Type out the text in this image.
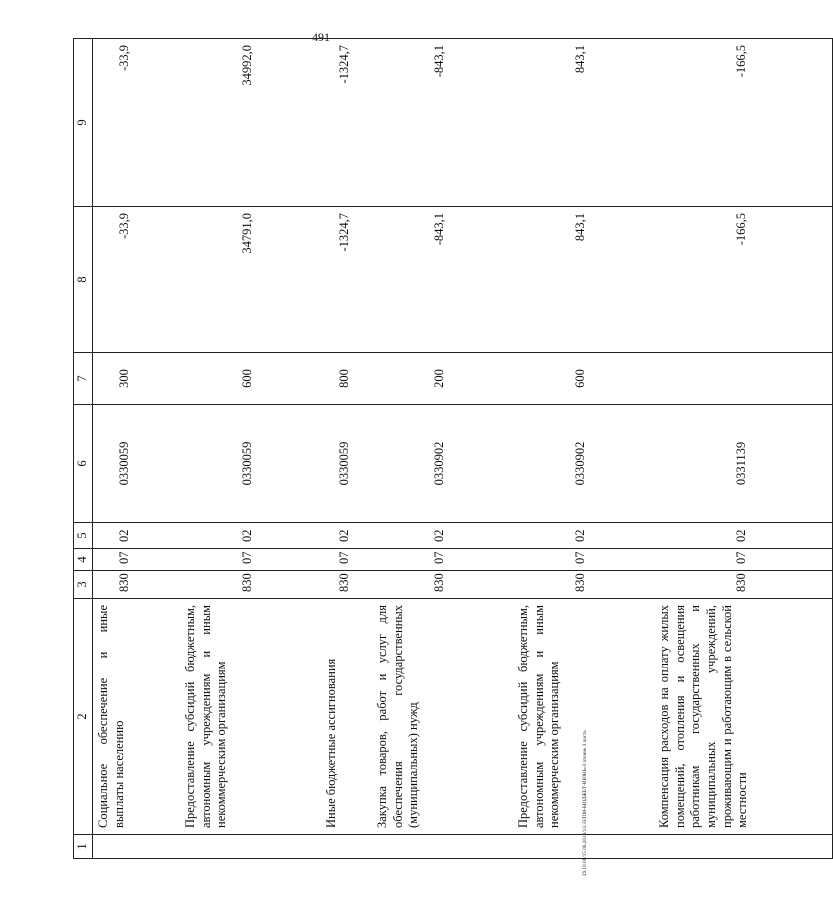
491
29.10.06/15 06.2013/13.33/ПМ-БЮДЖЕТ-ИЮНЬ-З чтение 3 часть
1	2	3	4	5	6	7	8	9
	Социальное обеспечение и иные выплаты населению	830	07	02	0330059	300	-33,9	-33,9
	Предоставление субсидий бюджетным, автономным учреждениям и иным некоммерческим организациям	830	07	02	0330059	600	34791,0	34992,0
	Иные бюджетные ассигнования	830	07	02	0330059	800	-1324,7	-1324,7
	Закупка товаров, работ и услуг для обеспечения государственных (муниципальных) нужд	830	07	02	0330902	200	-843,1	-843,1
	Предоставление субсидий бюджетным, автономным учреждениям и иным некоммерческим организациям	830	07	02	0330902	600	843,1	843,1
	Компенсация расходов на оплату жилых помещений, отопления и освещения работникам государственных и муниципальных учреждений, проживающим и работающим в сельской местности	830	07	02	0331139		-166,5	-166,5
